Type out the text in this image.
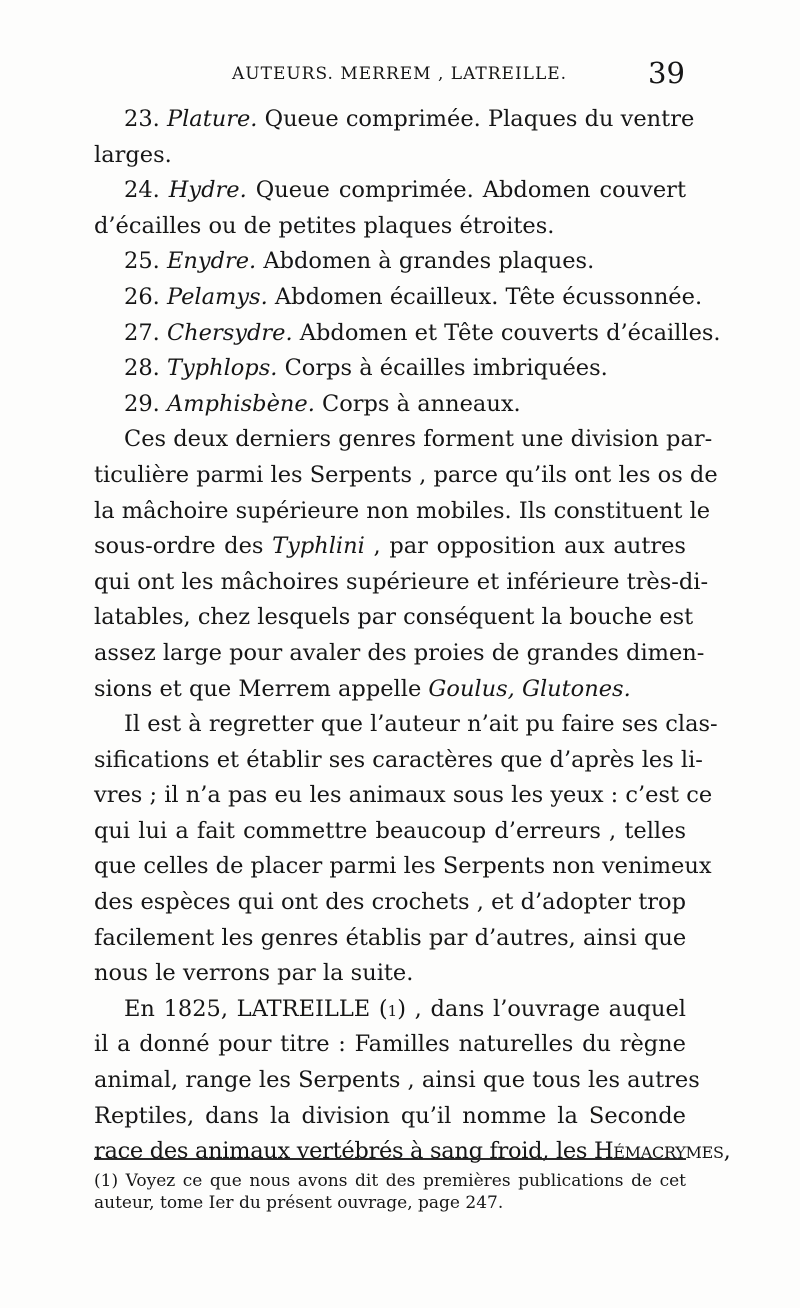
AUTEURS. MERREM , LATREILLE.	39
23. Plature. Queue comprimée. Plaques du ventre
larges.
24. Hydre. Queue comprimée. Abdomen couvert
d’écailles ou de petites plaques étroites.
25. Enydre. Abdomen à grandes plaques.
26. Pelamys. Abdomen écailleux. Tête écussonnée.
27. Chersydre. Abdomen et Tête couverts d’écailles.
28. Typhlops. Corps à écailles imbriquées.
29. Amphisbène. Corps à anneaux.
Ces deux derniers genres forment une division par-
ticulière parmi les Serpents , parce qu’ils ont les os de
la mâchoire supérieure non mobiles. Ils constituent le
sous-ordre des Typhlini , par opposition aux autres
qui ont les mâchoires supérieure et inférieure très-di-
latables, chez lesquels par conséquent la bouche est
assez large pour avaler des proies de grandes dimen-
sions et que Merrem appelle Goulus, Glutones.
Il est à regretter que l’auteur n’ait pu faire ses clas-
sifications et établir ses caractères que d’après les li-
vres ; il n’a pas eu les animaux sous les yeux : c’est ce
qui lui a fait commettre beaucoup d’erreurs , telles
que celles de placer parmi les Serpents non venimeux
des espèces qui ont des crochets , et d’adopter trop
facilement les genres établis par d’autres, ainsi que
nous le verrons par la suite.
En 1825, LATREILLE (1) , dans l’ouvrage auquel
il a donné pour titre : Familles naturelles du règne
animal, range les Serpents , ainsi que tous les autres
Reptiles, dans la division qu’il nomme la Seconde
race des animaux vertébrés à sang froid, les Hémacrymes,
(1) Voyez ce que nous avons dit des premières publications de cet
auteur, tome Ier du présent ouvrage, page 247.
